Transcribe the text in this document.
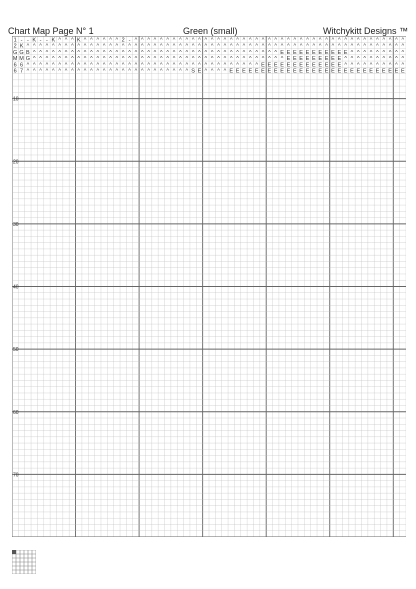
Chart Map Page N° 1	Green (small)	Witchykitt Designs ™
1 - - K - - K ^ ^ ^ K ^ ^ ^ ^ ^ ^ 2 - ^ ^ ^ ^ ^ ^ ^ ^ ^ ^ ^ ^ ^ ^ ^ ^ ^ ^ ^ ^ ^ ^ ^ ^ ^ ^ ^ ^ ^ ^ ^ ^ ^ ^ ^ ^ ^ ^ ^ ^ ^ ^ ^
2 K ^ ^ ^ ^ ^ ^ ^ ^ ^ ^ ^ ^ ^ ^ ^ ^ ^ ^ ^ ^ ^ ^ ^ ^ ^ ^ ^ ^ ^ ^ ^ ^ ^ ^ ^ ^ ^ ^ ^ ^ ^ ^ ^ ^ ^ ^ ^ ^ ^ ^ ^ ^ ^ ^ ^ ^ ^ ^ ^ ^
G G B ^ ^ ^ ^ ^ ^ ^ ^ ^ ^ ^ ^ ^ ^ ^ ^ ^ ^ ^ ^ ^ ^ ^ ^ ^ ^ ^ ^ ^ ^ ^ ^ ^ ^ ^ ^ ^ ^ ^ E E E E E E E E E E E ^ ^ ^ ^ ^ ^ ^ ^ ^
M M G ^ ^ ^ ^ ^ ^ ^ ^ ^ ^ ^ ^ ^ ^ ^ ^ ^ ^ ^ ^ ^ ^ ^ ^ ^ ^ ^ ^ ^ ^ ^ ^ ^ ^ ^ ^ ^ ^ ^ ^ E E E E E E E E E ^ ^ ^ ^ ^ ^ ^ ^ ^ ^
6 6 ^ ^ ^ ^ ^ ^ ^ ^ ^ ^ ^ ^ ^ ^ ^ ^ ^ ^ ^ ^ ^ ^ ^ ^ ^ ^ ^ ^ ^ ^ ^ ^ ^ ^ ^ ^ ^ E E E E E E E E E E E E E ^ ^ ^ ^ ^ ^ ^ ^ ^ ^
6 7 ^ ^ ^ ^ ^ ^ ^ ^ ^ ^ ^ ^ ^ ^ ^ ^ ^ ^ ^ ^ ^ ^ ^ ^ ^ ^ S E ^ ^ ^ ^ E E E E E E E E E E E E E E E E E E E E E E E E E E E E
10
20
30
40
50
60
70
